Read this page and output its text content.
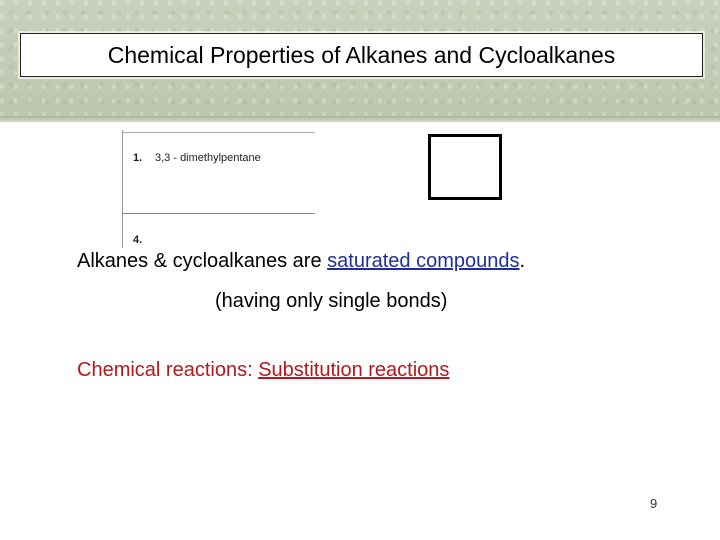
Chemical Properties of Alkanes and Cycloalkanes
1. 3,3 - dimethylpentane
4.
Alkanes & cycloalkanes are saturated compounds.
(having only single bonds)
Chemical reactions: Substitution reactions
9
